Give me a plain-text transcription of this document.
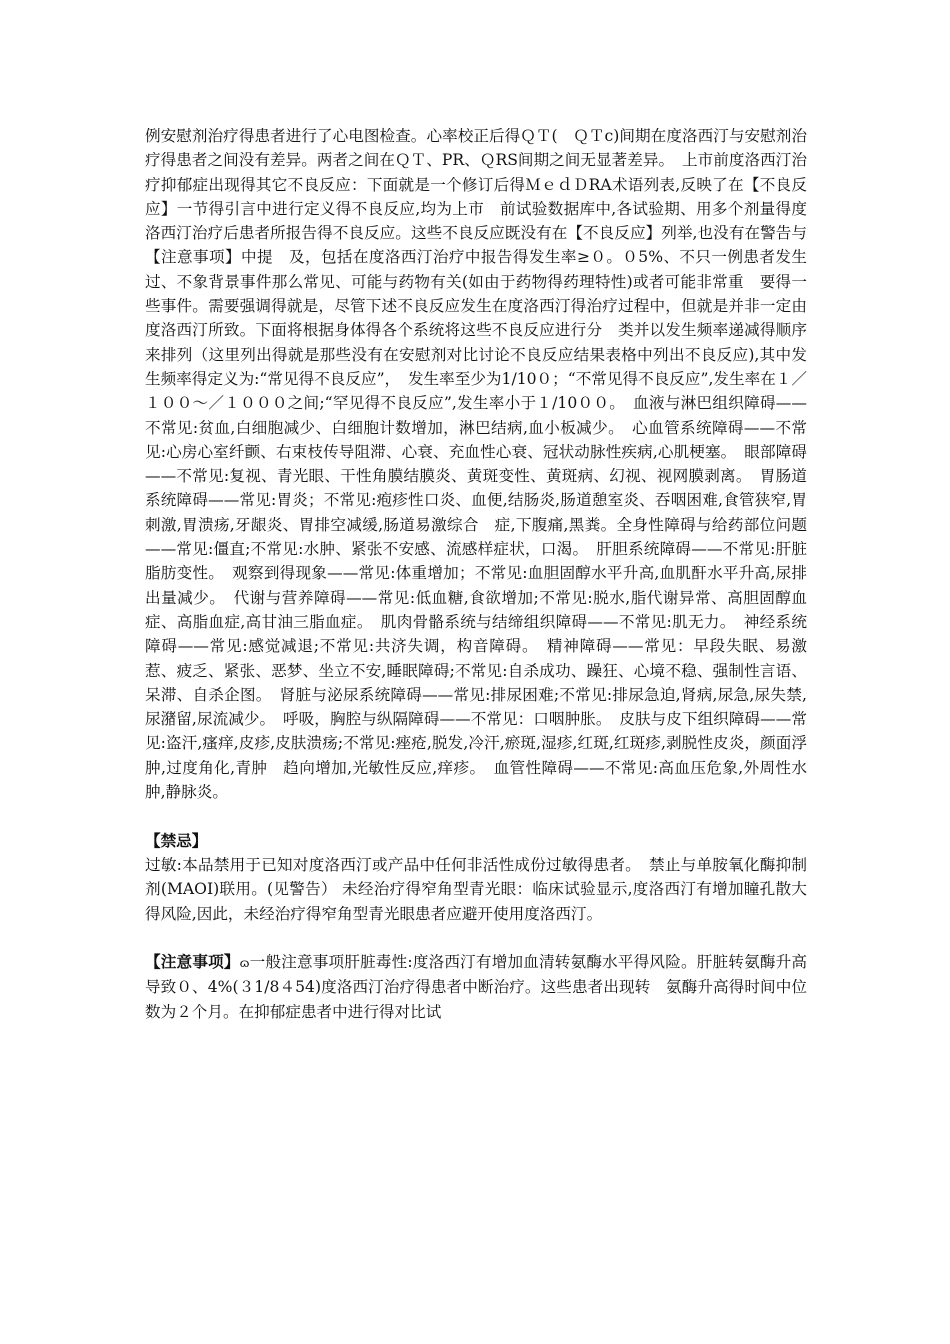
例安慰剂治疗得患者进行了心电图检查。心率校正后得ＱＴ(　ＱＴc)间期在度洛西汀与安慰剂治疗得患者之间没有差异。两者之间在ＱＴ、PR、ＱRS间期之间无显著差异。　上市前度洛西汀治疗抑郁症出现得其它不良反应：下面就是一个修订后得ＭｅｄＤRA术语列表,反映了在【不良反应】一节得引言中进行定义得不良反应,均为上市　前试验数据库中,各试验期、用多个剂量得度洛西汀治疗后患者所报告得不良反应。这些不良反应既没有在【不良反应】列举,也没有在警告与【注意事项】中提　及，包括在度洛西汀治疗中报告得发生率≥０。０5%、不只一例患者发生过、不象背景事件那么常见、可能与药物有关(如由于药物得药理特性)或者可能非常重　要得一些事件。需要强调得就是，尽管下述不良反应发生在度洛西汀得治疗过程中，但就是并非一定由度洛西汀所致。下面将根据身体得各个系统将这些不良反应进行分　类并以发生频率递减得顺序来排列（这里列出得就是那些没有在安慰剂对比讨论不良反应结果表格中列出不良反应),其中发生频率得定义为:“常见得不良反应”，　发生率至少为1/10０；“不常见得不良反应”,发生率在１／１００～／１０００之间;“罕见得不良反应”,发生率小于１/10００。　血液与淋巴组织障碍——不常见:贫血,白细胞减少、白细胞计数增加，淋巴结病,血小板减少。　心血管系统障碍——不常见:心房心室纤颤、右束枝传导阻滞、心衰、充血性心衰、冠状动脉性疾病,心肌梗塞。　眼部障碍——不常见:复视、青光眼、干性角膜结膜炎、黄斑变性、黄斑病、幻视、视网膜剥离。　胃肠道系统障碍——常见:胃炎；不常见:疱疹性口炎、血便,结肠炎,肠道憩室炎、吞咽困难,食管狭窄,胃刺激,胃溃疡,牙龈炎、胃排空减缓,肠道易激综合　症,下腹痛,黑粪。全身性障碍与给药部位问题——常见:僵直;不常见:水肿、紧张不安感、流感样症状，口渴。　肝胆系统障碍——不常见:肝脏脂肪变性。　观察到得现象——常见:体重增加；不常见:血胆固醇水平升高,血肌酐水平升高,尿排出量减少。　代谢与营养障碍——常见:低血糖,食欲增加;不常见:脱水,脂代谢异常、高胆固醇血症、高脂血症,高甘油三脂血症。　肌肉骨骼系统与结缔组织障碍——不常见:肌无力。　神经系统障碍——常见:感觉减退;不常见:共济失调，构音障碍。　精神障碍——常见：早段失眠、易激惹、疲乏、紧张、恶梦、坐立不安,睡眠障碍;不常见:自杀成功、躁狂、心境不稳、强制性言语、呆滞、自杀企图。　肾脏与泌尿系统障碍——常见:排尿困难;不常见:排尿急迫,肾病,尿急,尿失禁,尿潴留,尿流减少。　呼吸，胸腔与纵隔障碍——不常见：口咽肿胀。　皮肤与皮下组织障碍——常见:盗汗,瘙痒,皮疹,皮肤溃疡;不常见:痤疮,脱发,冷汗,瘀斑,湿疹,红斑,红斑疹,剥脱性皮炎，颜面浮肿,过度角化,青肿　趋向增加,光敏性反应,痒疹。　血管性障碍——不常见:高血压危象,外周性水肿,静脉炎。

【禁忌】

过敏:本品禁用于已知对度洛西汀或产品中任何非活性成份过敏得患者。　禁止与单胺氧化酶抑制剂(MAOI)联用。(见警告） 未经治疗得窄角型青光眼：临床试验显示,度洛西汀有增加瞳孔散大得风险,因此，未经治疗得窄角型青光眼患者应避开使用度洛西汀。

【注意事项】ɷ一般注意事项肝脏毒性:度洛西汀有增加血清转氨酶水平得风险。肝脏转氨酶升高导致０、4%(３1/8４54)度洛西汀治疗得患者中断治疗。这些患者出现转　氨酶升高得时间中位数为２个月。在抑郁症患者中进行得对比试
